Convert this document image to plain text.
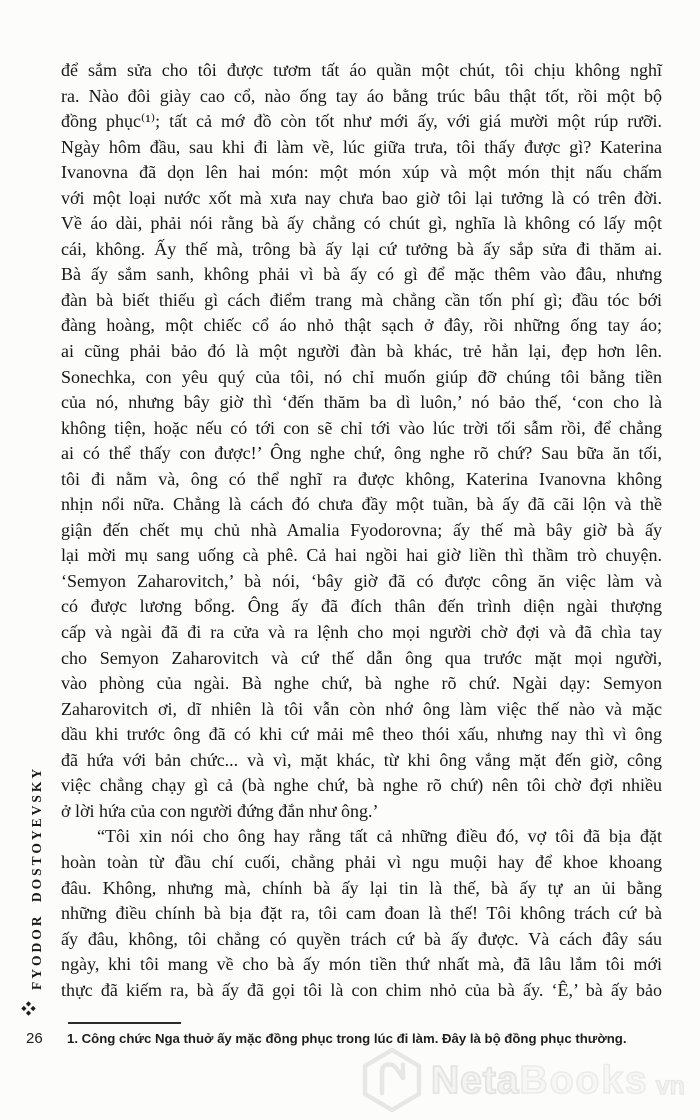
để sắm sửa cho tôi được tươm tất áo quần một chút, tôi chịu không nghĩ
ra. Nào đôi giày cao cổ, nào ống tay áo bằng trúc bâu thật tốt, rồi một bộ
đồng phục⁽¹⁾; tất cả mớ đồ còn tốt như mới ấy, với giá mười một rúp rưỡi.
Ngày hôm đầu, sau khi đi làm về, lúc giữa trưa, tôi thấy được gì? Katerina
Ivanovna đã dọn lên hai món: một món xúp và một món thịt nấu chấm
với một loại nước xốt mà xưa nay chưa bao giờ tôi lại tưởng là có trên đời.
Về áo dài, phải nói rằng bà ấy chẳng có chút gì, nghĩa là không có lấy một
cái, không. Ấy thế mà, trông bà ấy lại cứ tưởng bà ấy sắp sửa đi thăm ai.
Bà ấy sắm sanh, không phải vì bà ấy có gì để mặc thêm vào đâu, nhưng
đàn bà biết thiếu gì cách điểm trang mà chẳng cần tốn phí gì; đầu tóc bới
đàng hoàng, một chiếc cổ áo nhỏ thật sạch ở đây, rồi những ống tay áo;
ai cũng phải bảo đó là một người đàn bà khác, trẻ hẳn lại, đẹp hơn lên.
Sonechka, con yêu quý của tôi, nó chỉ muốn giúp đỡ chúng tôi bằng tiền
của nó, nhưng bây giờ thì ‘đến thăm ba dì luôn,’ nó bảo thế, ‘con cho là
không tiện, hoặc nếu có tới con sẽ chỉ tới vào lúc trời tối sẫm rồi, để chẳng
ai có thể thấy con được!’ Ông nghe chứ, ông nghe rõ chứ? Sau bữa ăn tối,
tôi đi nằm và, ông có thể nghĩ ra được không, Katerina Ivanovna không
nhịn nổi nữa. Chẳng là cách đó chưa đầy một tuần, bà ấy đã cãi lộn và thề
giận đến chết mụ chủ nhà Amalia Fyodorovna; ấy thế mà bây giờ bà ấy
lại mời mụ sang uống cà phê. Cả hai ngồi hai giờ liền thì thầm trò chuyện.
‘Semyon Zaharovitch,’ bà nói, ‘bây giờ đã có được công ăn việc làm và
có được lương bổng. Ông ấy đã đích thân đến trình diện ngài thượng
cấp và ngài đã đi ra cửa và ra lệnh cho mọi người chờ đợi và đã chìa tay
cho Semyon Zaharovitch và cứ thế dẫn ông qua trước mặt mọi người,
vào phòng của ngài. Bà nghe chứ, bà nghe rõ chứ. Ngài dạy: Semyon
Zaharovitch ơi, dĩ nhiên là tôi vẫn còn nhớ ông làm việc thế nào và mặc
dầu khi trước ông đã có khi cứ mải mê theo thói xấu, nhưng nay thì vì ông
đã hứa với bản chức... và vì, mặt khác, từ khi ông vắng mặt đến giờ, công
việc chẳng chạy gì cả (bà nghe chứ, bà nghe rõ chứ) nên tôi chờ đợi nhiều
ở lời hứa của con người đứng đắn như ông.’
“Tôi xin nói cho ông hay rằng tất cả những điều đó, vợ tôi đã bịa đặt
hoàn toàn từ đầu chí cuối, chẳng phải vì ngu muội hay để khoe khoang
đâu. Không, nhưng mà, chính bà ấy lại tin là thế, bà ấy tự an ủi bằng
những điều chính bà bịa đặt ra, tôi cam đoan là thế! Tôi không trách cứ bà
ấy đâu, không, tôi chẳng có quyền trách cứ bà ấy được. Và cách đây sáu
ngày, khi tôi mang về cho bà ấy món tiền thứ nhất mà, đã lâu lắm tôi mới
thực đã kiếm ra, bà ấy đã gọi tôi là con chim nhỏ của bà ấy. ‘Ê,’ bà ấy bảo
FYODOR DOSTOYEVSKY
26 1. Công chức Nga thuở ấy mặc đồng phục trong lúc đi làm. Đây là bộ đồng phục thường.
Neta Books vn
